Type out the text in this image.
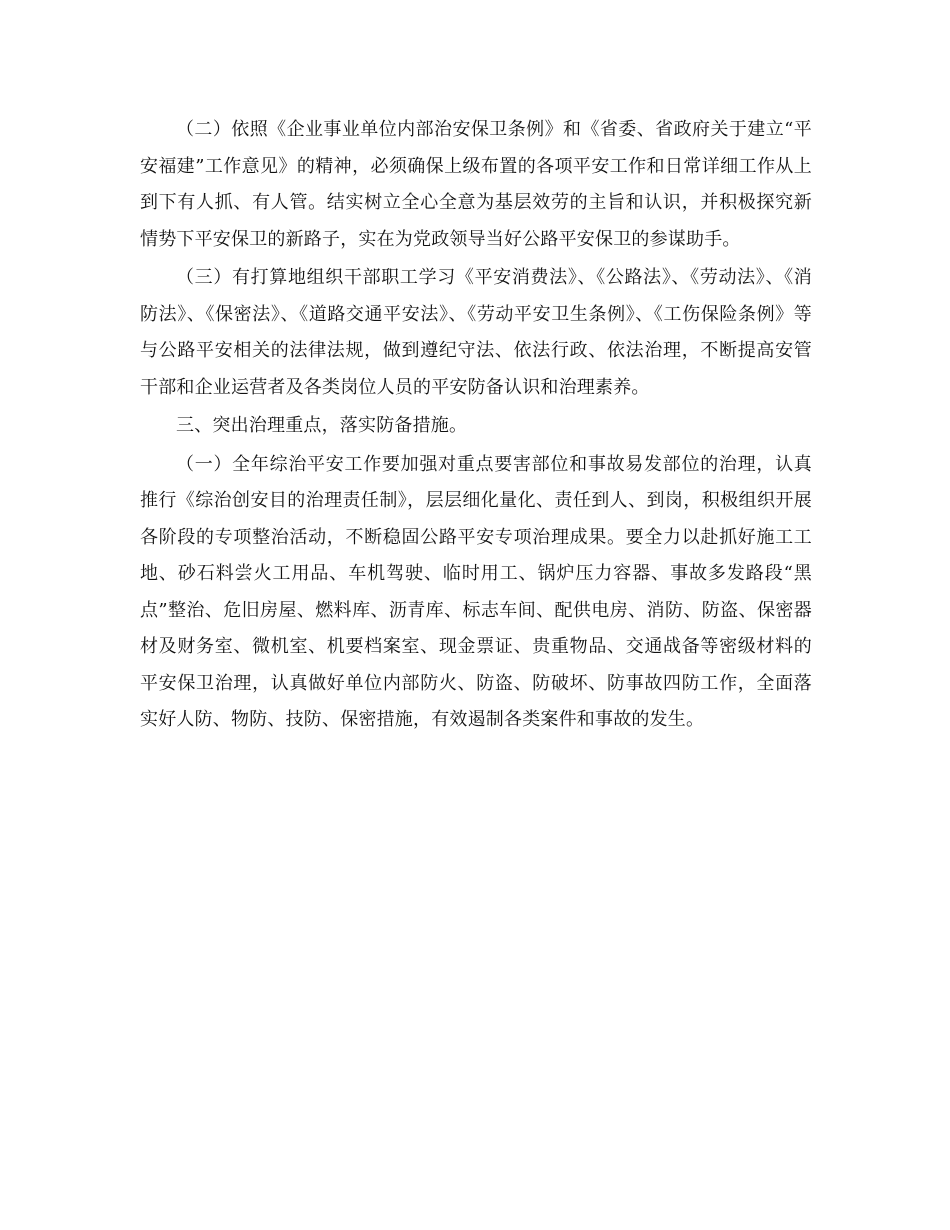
（二）依照《企业事业单位内部治安保卫条例》和《省委、省政府关于建立“平安福建”工作意见》的精神，必须确保上级布置的各项平安工作和日常详细工作从上到下有人抓、有人管。结实树立全心全意为基层效劳的主旨和认识，并积极探究新情势下平安保卫的新路子，实在为党政领导当好公路平安保卫的参谋助手。

（三）有打算地组织干部职工学习《平安消费法》、《公路法》、《劳动法》、《消防法》、《保密法》、《道路交通平安法》、《劳动平安卫生条例》、《工伤保险条例》等与公路平安相关的法律法规，做到遵纪守法、依法行政、依法治理，不断提高安管干部和企业运营者及各类岗位人员的平安防备认识和治理素养。

三、突出治理重点，落实防备措施。

（一）全年综治平安工作要加强对重点要害部位和事故易发部位的治理，认真推行《综治创安目的治理责任制》，层层细化量化、责任到人、到岗，积极组织开展各阶段的专项整治活动，不断稳固公路平安专项治理成果。要全力以赴抓好施工工地、砂石料尝火工用品、车机驾驶、临时用工、锅炉压力容器、事故多发路段“黑点”整治、危旧房屋、燃料库、沥青库、标志车间、配供电房、消防、防盗、保密器材及财务室、微机室、机要档案室、现金票证、贵重物品、交通战备等密级材料的平安保卫治理，认真做好单位内部防火、防盗、防破坏、防事故四防工作，全面落实好人防、物防、技防、保密措施，有效遏制各类案件和事故的发生。
